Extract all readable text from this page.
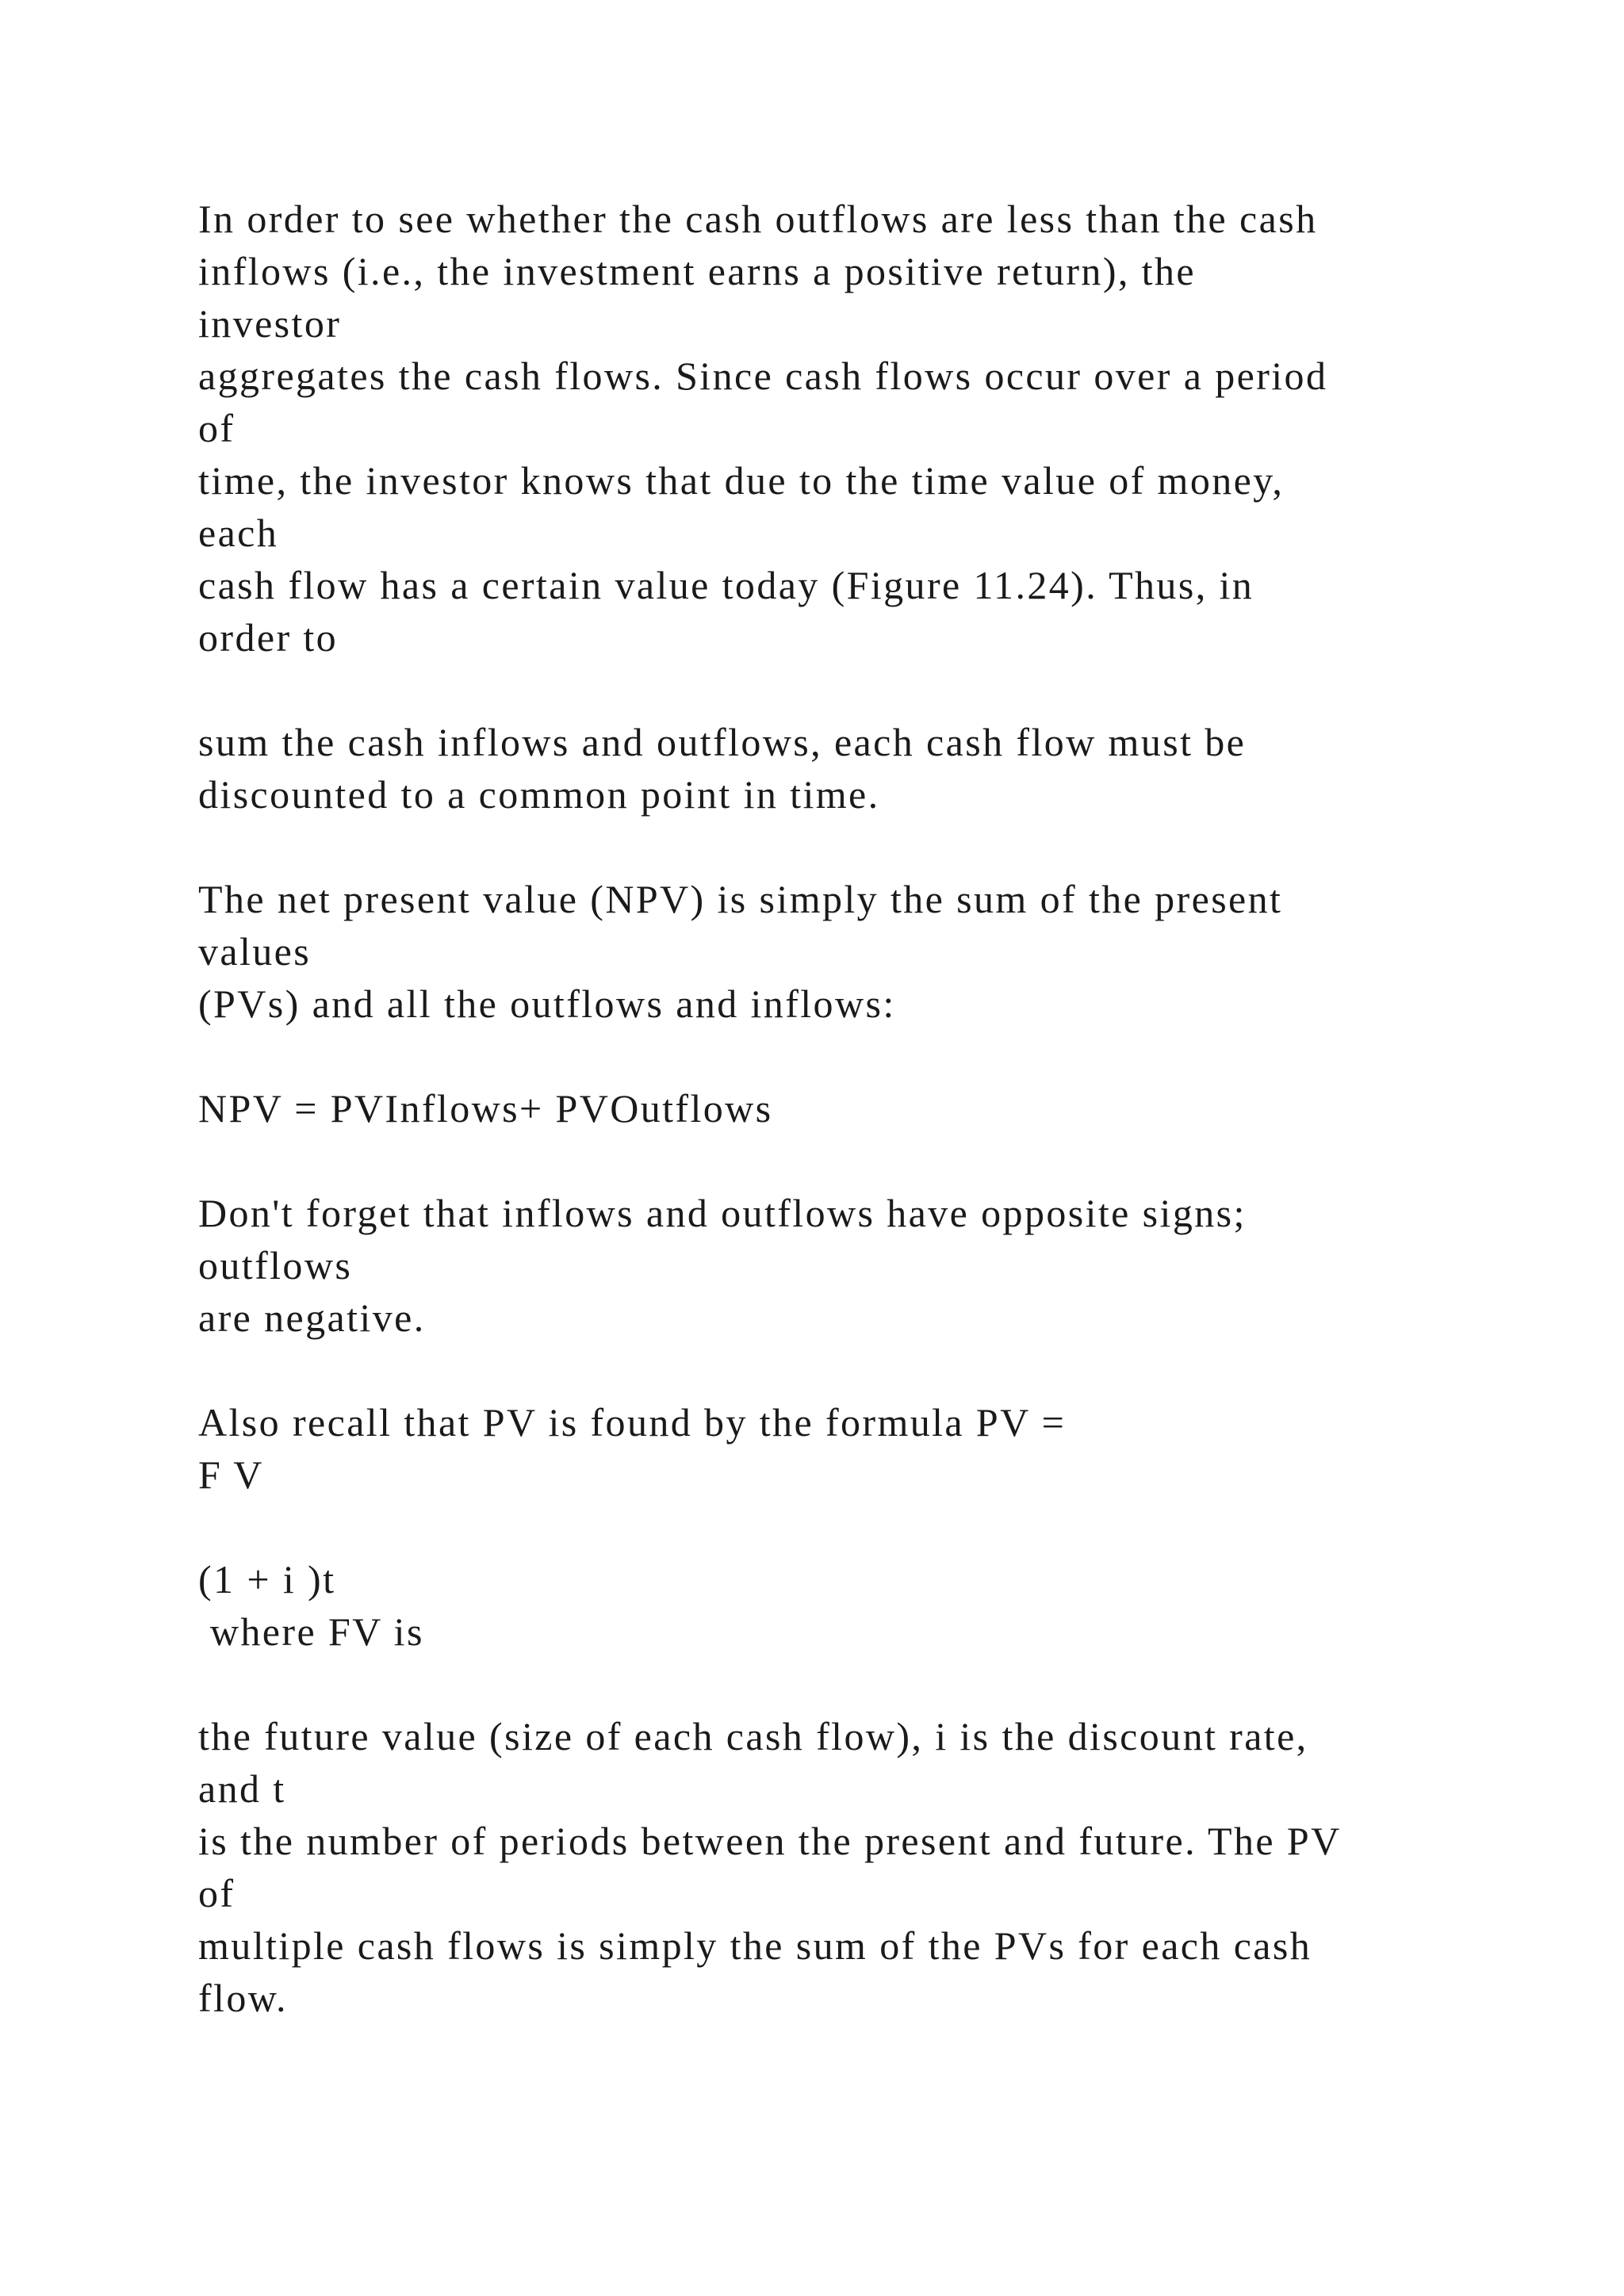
In order to see whether the cash outflows are less than the cash
inflows (i.e., the investment earns a positive return), the
investor
aggregates the cash flows. Since cash flows occur over a period
of
time, the investor knows that due to the time value of money,
each
cash flow has a certain value today (Figure 11.24). Thus, in
order to
sum the cash inflows and outflows, each cash flow must be
discounted to a common point in time.
The net present value (NPV) is simply the sum of the present
values
(PVs) and all the outflows and inflows:
NPV = PVInflows+ PVOutflows
Don't forget that inflows and outflows have opposite signs;
outflows
are negative.
Also recall that PV is found by the formula PV =
F V
(1 + i )t
where FV is
the future value (size of each cash flow), i is the discount rate,
and t
is the number of periods between the present and future. The PV
of
multiple cash flows is simply the sum of the PVs for each cash
flow.
